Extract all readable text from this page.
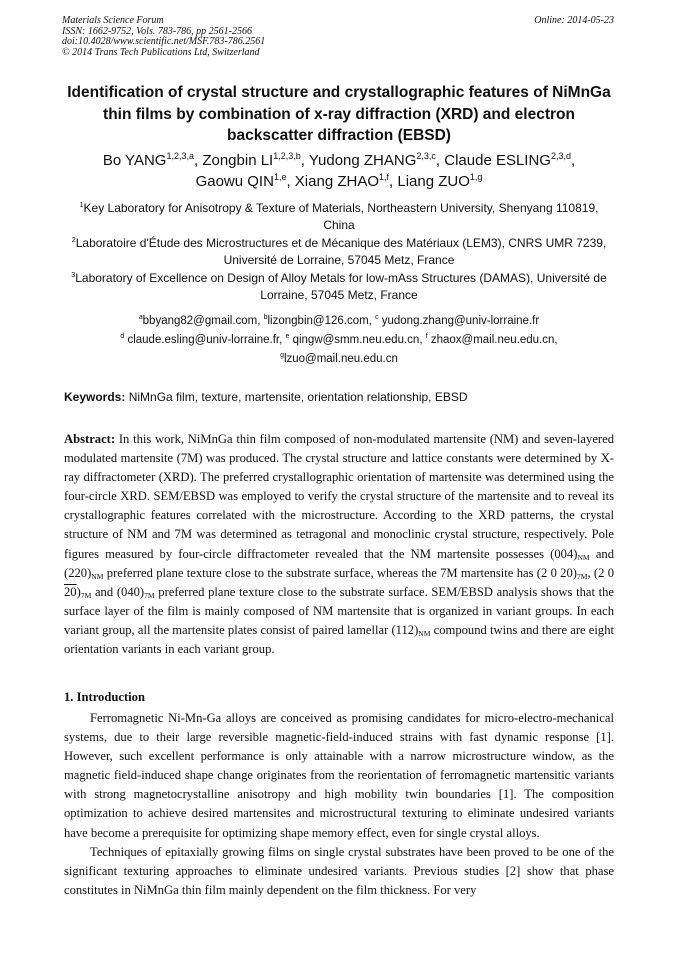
Materials Science Forum
ISSN: 1662-9752, Vols. 783-786, pp 2561-2566
doi:10.4028/www.scientific.net/MSF.783-786.2561
© 2014 Trans Tech Publications Ltd, Switzerland
Online: 2014-05-23
Identification of crystal structure and crystallographic features of NiMnGa thin films by combination of x-ray diffraction (XRD) and electron backscatter diffraction (EBSD)
Bo YANG$^{1,2,3,a}$, Zongbin LI$^{1,2,3,b}$, Yudong ZHANG$^{2,3,c}$, Claude ESLING$^{2,3,d}$,
Gaowu QIN$^{1,e}$, Xiang ZHAO$^{1,f}$, Liang ZUO$^{1,g}$
$^1$Key Laboratory for Anisotropy & Texture of Materials, Northeastern University, Shenyang 110819, China
$^2$Laboratoire d'Étude des Microstructures et de Mécanique des Matériaux (LEM3), CNRS UMR 7239, Université de Lorraine, 57045 Metz, France
$^3$Laboratory of Excellence on Design of Alloy Metals for low-mAss Structures (DAMAS), Université de Lorraine, 57045 Metz, France
$^a$bbyang82@gmail.com, $^b$lizongbin@126.com, $^c$ yudong.zhang@univ-lorraine.fr
$^d$ claude.esling@univ-lorraine.fr, $^e$ qingw@smm.neu.edu.cn, $^f$ zhaox@mail.neu.edu.cn,
$^g$lzuo@mail.neu.edu.cn
Keywords: NiMnGa film, texture, martensite, orientation relationship, EBSD
Abstract: In this work, NiMnGa thin film composed of non-modulated martensite (NM) and seven-layered modulated martensite (7M) was produced. The crystal structure and lattice constants were determined by X-ray diffractometer (XRD). The preferred crystallographic orientation of martensite was determined using the four-circle XRD. SEM/EBSD was employed to verify the crystal structure of the martensite and to reveal its crystallographic features correlated with the microstructure. According to the XRD patterns, the crystal structure of NM and 7M was determined as tetragonal and monoclinic crystal structure, respectively. Pole figures measured by four-circle diffractometer revealed that the NM martensite possesses $(004)_{NM}$ and $(220)_{NM}$ preferred plane texture close to the substrate surface, whereas the 7M martensite has (2 0 $20)_{7M}$, (2 0 $20)_{7M}$ and $(040)_{7M}$ preferred plane texture close to the substrate surface. SEM/EBSD analysis shows that the surface layer of the film is mainly composed of NM martensite that is organized in variant groups. In each variant group, all the martensite plates consist of paired lamellar $(112)_{NM}$ compound twins and there are eight orientation variants in each variant group.
1. Introduction

Ferromagnetic Ni-Mn-Ga alloys are conceived as promising candidates for micro-electro-mechanical systems, due to their large reversible magnetic-field-induced strains with fast dynamic response [1]. However, such excellent performance is only attainable with a narrow microstructure window, as the magnetic field-induced shape change originates from the reorientation of ferromagnetic martensitic variants with strong magnetocrystalline anisotropy and high mobility twin boundaries [1]. The composition optimization to achieve desired martensites and microstructural texturing to eliminate undesired variants have become a prerequisite for optimizing shape memory effect, even for single crystal alloys.

Techniques of epitaxially growing films on single crystal substrates have been proved to be one of the significant texturing approaches to eliminate undesired variants. Previous studies [2] show that phase constitutes in NiMnGa thin film mainly dependent on the film thickness. For very
